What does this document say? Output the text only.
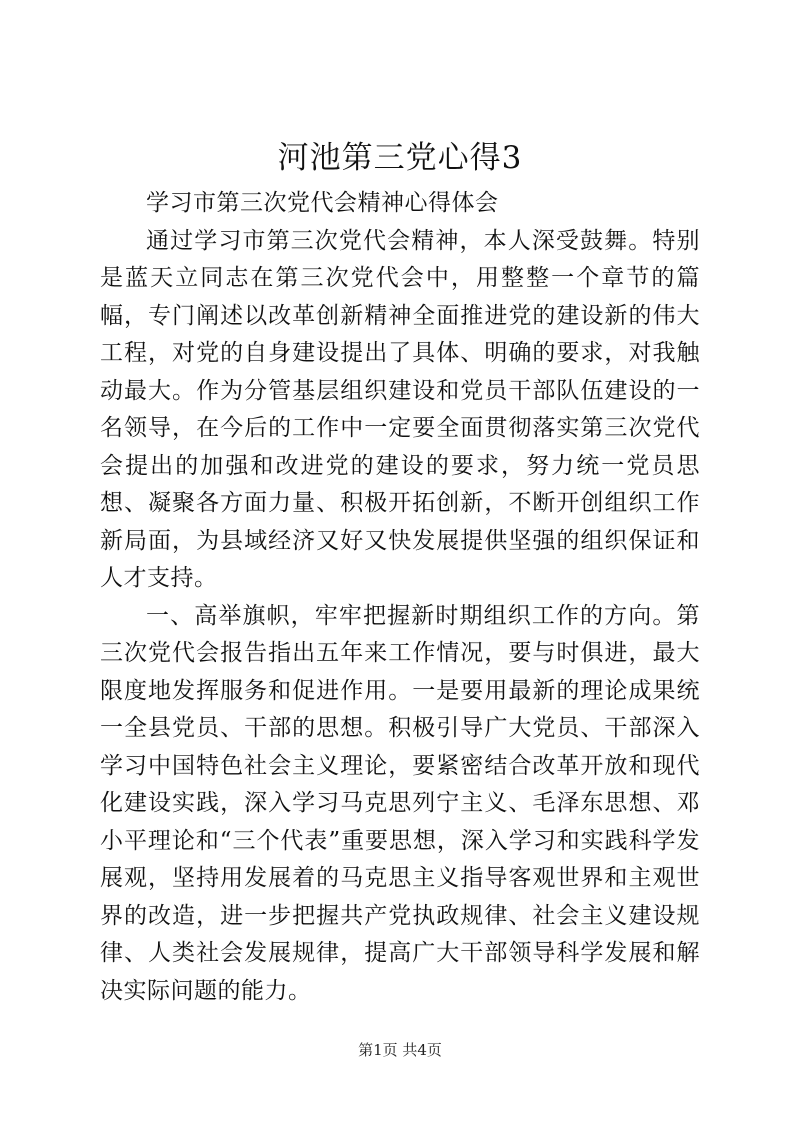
河池第三党心得3

学习市第三次党代会精神心得体会

通过学习市第三次党代会精神，本人深受鼓舞。特别是蓝天立同志在第三次党代会中，用整整一个章节的篇幅，专门阐述以改革创新精神全面推进党的建设新的伟大工程，对党的自身建设提出了具体、明确的要求，对我触动最大。作为分管基层组织建设和党员干部队伍建设的一名领导，在今后的工作中一定要全面贯彻落实第三次党代会提出的加强和改进党的建设的要求，努力统一党员思想、凝聚各方面力量、积极开拓创新，不断开创组织工作新局面，为县域经济又好又快发展提供坚强的组织保证和人才支持。

一、高举旗帜，牢牢把握新时期组织工作的方向。第三次党代会报告指出五年来工作情况，要与时俱进，最大限度地发挥服务和促进作用。一是要用最新的理论成果统一全县党员、干部的思想。积极引导广大党员、干部深入学习中国特色社会主义理论，要紧密结合改革开放和现代化建设实践，深入学习马克思列宁主义、毛泽东思想、邓小平理论和“三个代表”重要思想，深入学习和实践科学发展观，坚持用发展着的马克思主义指导客观世界和主观世界的改造，进一步把握共产党执政规律、社会主义建设规律、人类社会发展规律，提高广大干部领导科学发展和解决实际问题的能力。

第1页 共4页
